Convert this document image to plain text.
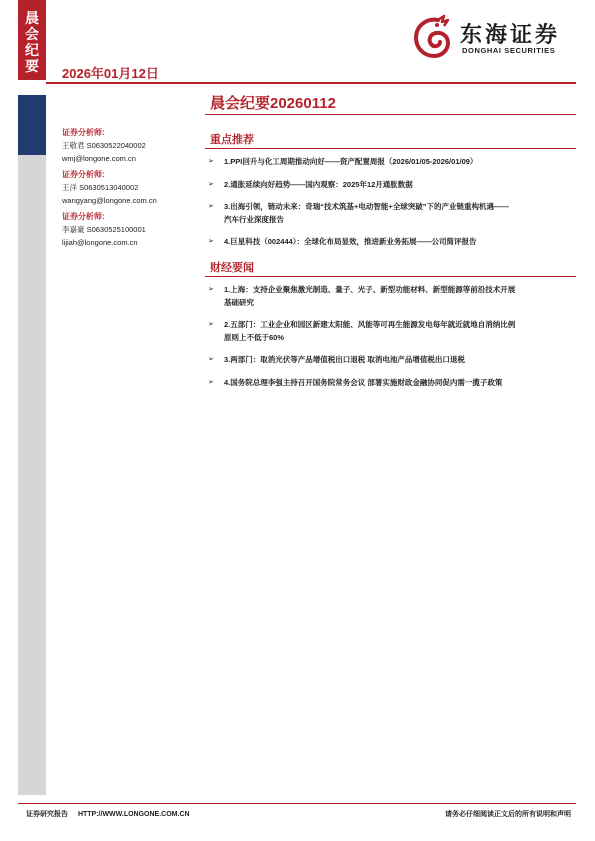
晨
会
纪
要	2026年01月12日
东海证券
DONGHAI SECURITIES
证券分析师:
王敬君 S0630522040002
wmj@longone.com.cn
证券分析师:
王洋 S0630513040002
wangyang@longone.com.cn
证券分析师:
李嘉豪 S0630525100001
lijiah@longone.com.cn
晨会纪要20260112
重点推荐
➢ 1.PPI回升与化工周期推动向好——资产配置周报（2026/01/05-2026/01/09）
➢ 2.通胀延续向好趋势——国内观察：2025年12月通胀数据
➢ 3.出海引领，链动未来：奇瑞“技术筑基+电动智能+全球突破”下的产业链重构机遇——
汽车行业深度报告
➢ 4.巨星科技（002444）：全球化布局显效，推进新业务拓展——公司简评报告
财经要闻
➢ 1.上海：支持企业聚焦激光制造、量子、光子、新型功能材料、新型能源等前沿技术开展
基础研究
➢ 2.五部门：工业企业和园区新建太阳能、风能等可再生能源发电每年就近就地自消纳比例
原则上不低于60%
➢ 3.两部门：取消光伏等产品增值税出口退税 取消电池产品增值税出口退税
➢ 4.国务院总理李强主持召开国务院常务会议 部署实施财政金融协同促内需一揽子政策
证券研究报告 HTTP://WWW.LONGONE.COM.CN	请务必仔细阅读正文后的所有说明和声明
